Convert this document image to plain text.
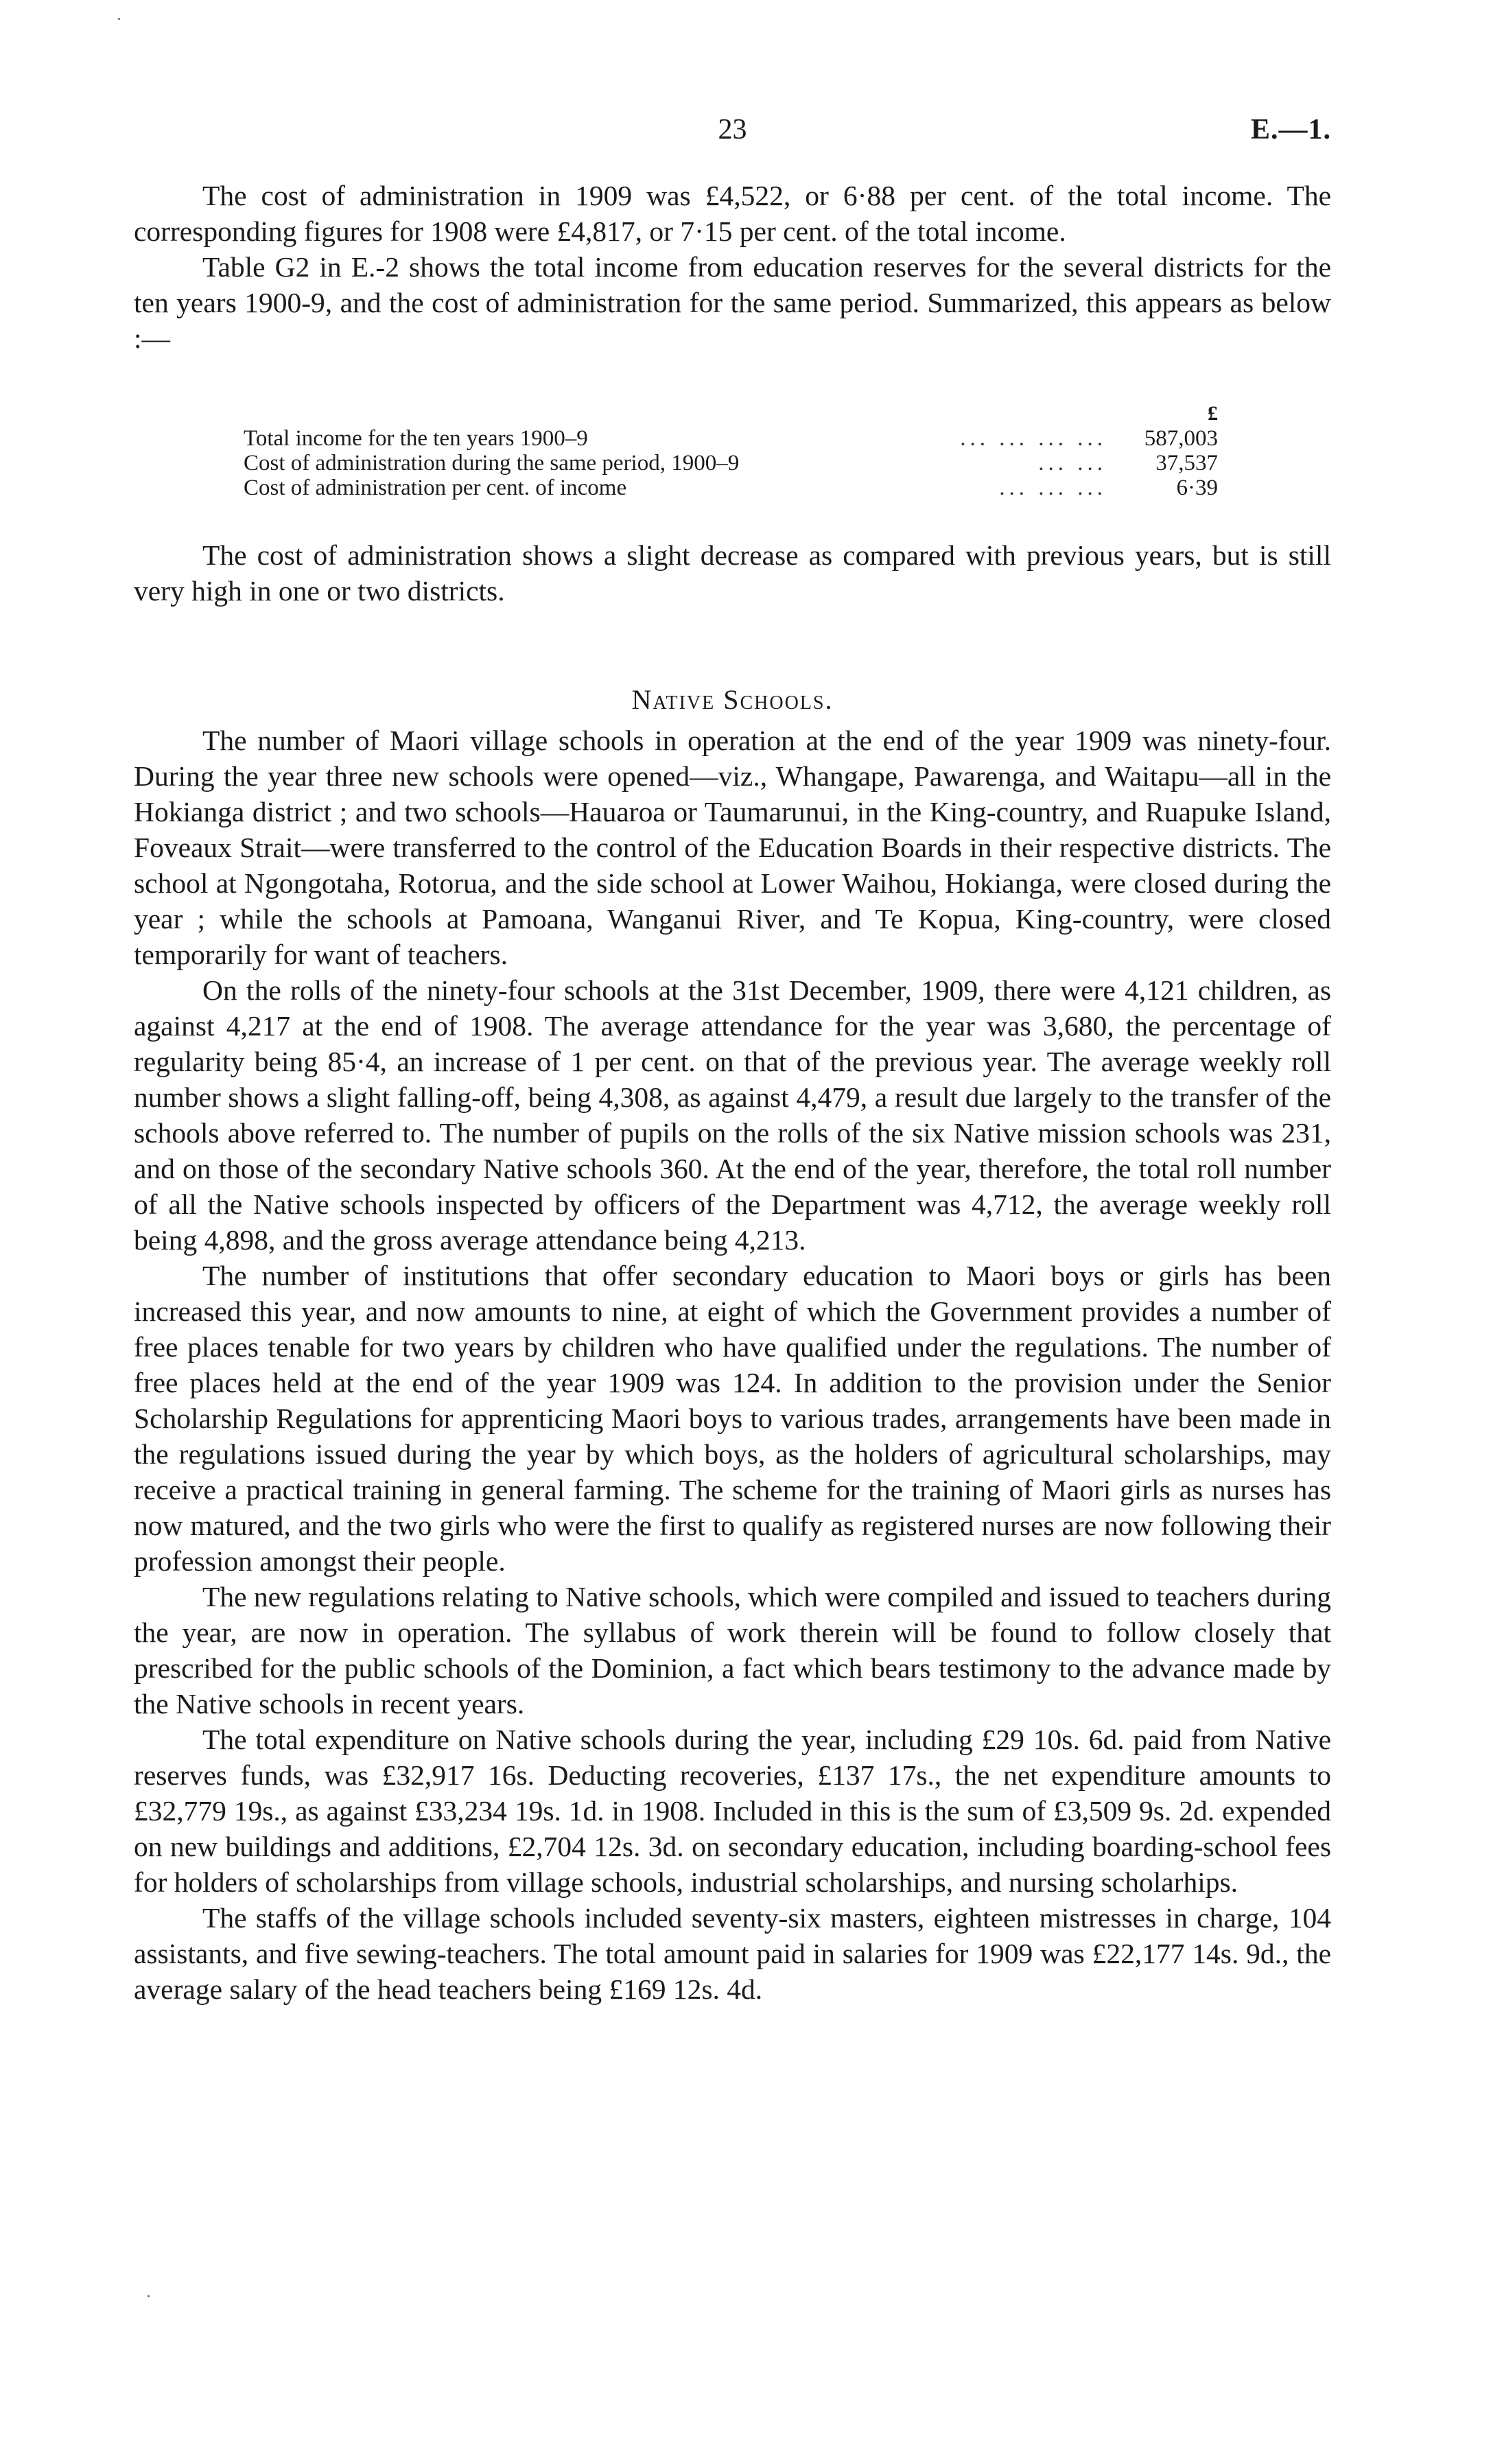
23	E.—1.

The cost of administration in 1909 was £4,522, or 6·88 per cent. of the total income. The corresponding figures for 1908 were £4,817, or 7·15 per cent. of the total income.

Table G2 in E.-2 shows the total income from education reserves for the several districts for the ten years 1900-9, and the cost of administration for the same period. Summarized, this appears as below :—

£
Total income for the ten years 1900–9	... ... ... ...	587,003
Cost of administration during the same period, 1900–9	... ...	37,537
Cost of administration per cent. of income	... ... ...	6·39

The cost of administration shows a slight decrease as compared with previous years, but is still very high in one or two districts.

Native Schools.

The number of Maori village schools in operation at the end of the year 1909 was ninety-four. During the year three new schools were opened—viz., Whangape, Pawarenga, and Waitapu—all in the Hokianga district ; and two schools—Hauaroa or Taumarunui, in the King-country, and Ruapuke Island, Foveaux Strait—were transferred to the control of the Education Boards in their respective districts. The school at Ngongotaha, Rotorua, and the side school at Lower Waihou, Hokianga, were closed during the year ; while the schools at Pamoana, Wanganui River, and Te Kopua, King-country, were closed temporarily for want of teachers.

On the rolls of the ninety-four schools at the 31st December, 1909, there were 4,121 children, as against 4,217 at the end of 1908. The average attendance for the year was 3,680, the percentage of regularity being 85·4, an increase of 1 per cent. on that of the previous year. The average weekly roll number shows a slight falling-off, being 4,308, as against 4,479, a result due largely to the transfer of the schools above referred to. The number of pupils on the rolls of the six Native mission schools was 231, and on those of the secondary Native schools 360. At the end of the year, therefore, the total roll number of all the Native schools inspected by officers of the Department was 4,712, the average weekly roll being 4,898, and the gross average attendance being 4,213.

The number of institutions that offer secondary education to Maori boys or girls has been increased this year, and now amounts to nine, at eight of which the Government provides a number of free places tenable for two years by children who have qualified under the regulations. The number of free places held at the end of the year 1909 was 124. In addition to the provision under the Senior Scholarship Regulations for apprenticing Maori boys to various trades, arrangements have been made in the regulations issued during the year by which boys, as the holders of agricultural scholarships, may receive a practical training in general farming. The scheme for the training of Maori girls as nurses has now matured, and the two girls who were the first to qualify as registered nurses are now following their profession amongst their people.

The new regulations relating to Native schools, which were compiled and issued to teachers during the year, are now in operation. The syllabus of work therein will be found to follow closely that prescribed for the public schools of the Dominion, a fact which bears testimony to the advance made by the Native schools in recent years.

The total expenditure on Native schools during the year, including £29 10s. 6d. paid from Native reserves funds, was £32,917 16s. Deducting recoveries, £137 17s., the net expenditure amounts to £32,779 19s., as against £33,234 19s. 1d. in 1908. Included in this is the sum of £3,509 9s. 2d. expended on new buildings and additions, £2,704 12s. 3d. on secondary education, including boarding-school fees for holders of scholarships from village schools, industrial scholarships, and nursing scholarhips.

The staffs of the village schools included seventy-six masters, eighteen mistresses in charge, 104 assistants, and five sewing-teachers. The total amount paid in salaries for 1909 was £22,177 14s. 9d., the average salary of the head teachers being £169 12s. 4d.
